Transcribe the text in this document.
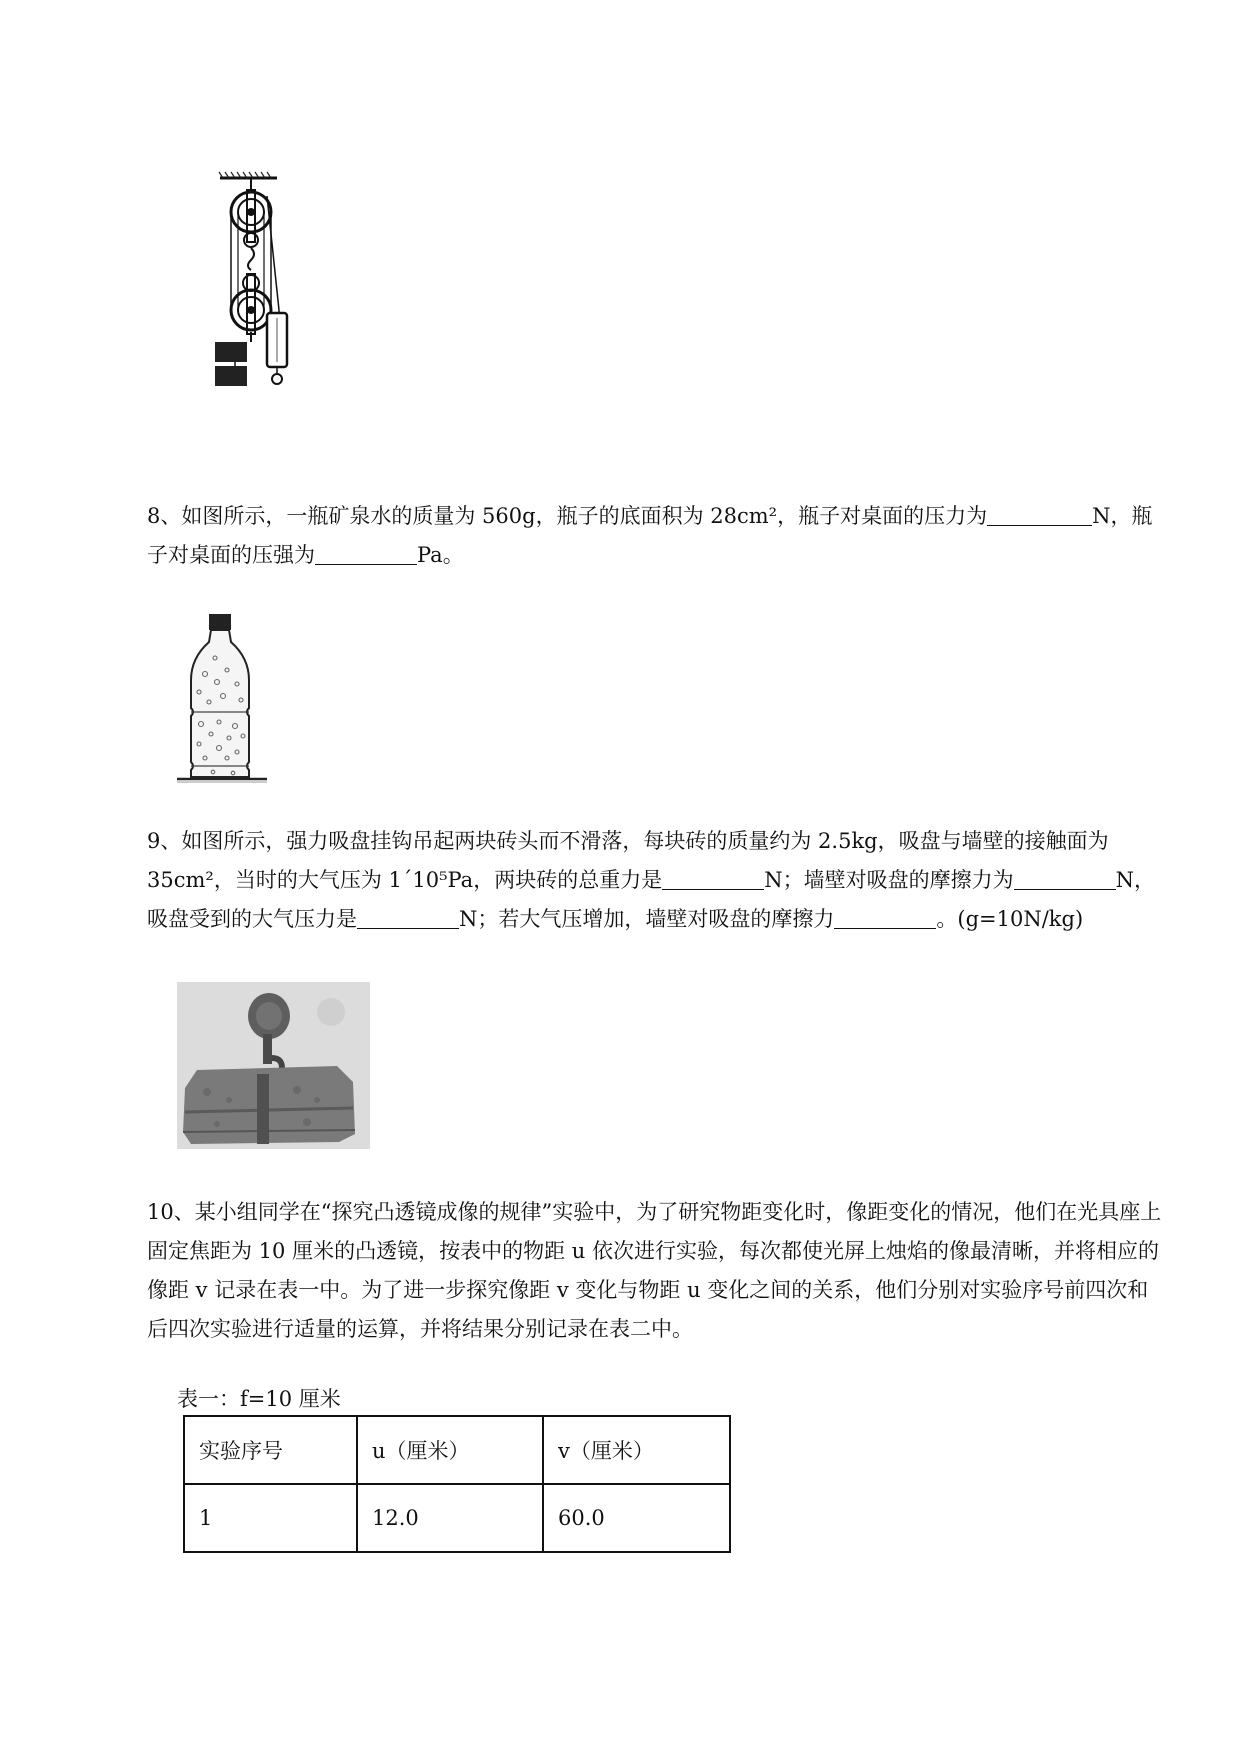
8、如图所示，一瓶矿泉水的质量为 560g，瓶子的底面积为 28cm²，瓶子对桌面的压力为	N，瓶子对桌面的压强为	Pa。

9、如图所示，强力吸盘挂钩吊起两块砖头而不滑落，每块砖的质量约为 2.5kg，吸盘与墙壁的接触面为 35cm²，当时的大气压为 1´10⁵Pa，两块砖的总重力是	N；墙壁对吸盘的摩擦力为	N，吸盘受到的大气压力是	N；若大气压增加，墙壁对吸盘的摩擦力	。(g=10N/kg)

10、某小组同学在“探究凸透镜成像的规律”实验中，为了研究物距变化时，像距变化的情况，他们在光具座上固定焦距为 10 厘米的凸透镜，按表中的物距 u 依次进行实验，每次都使光屏上烛焰的像最清晰，并将相应的像距 v 记录在表一中。为了进一步探究像距 v 变化与物距 u 变化之间的关系，他们分别对实验序号前四次和后四次实验进行适量的运算，并将结果分别记录在表二中。

表一：f=10 厘米

实验序号	u（厘米）	v（厘米）
1	12.0	60.0
